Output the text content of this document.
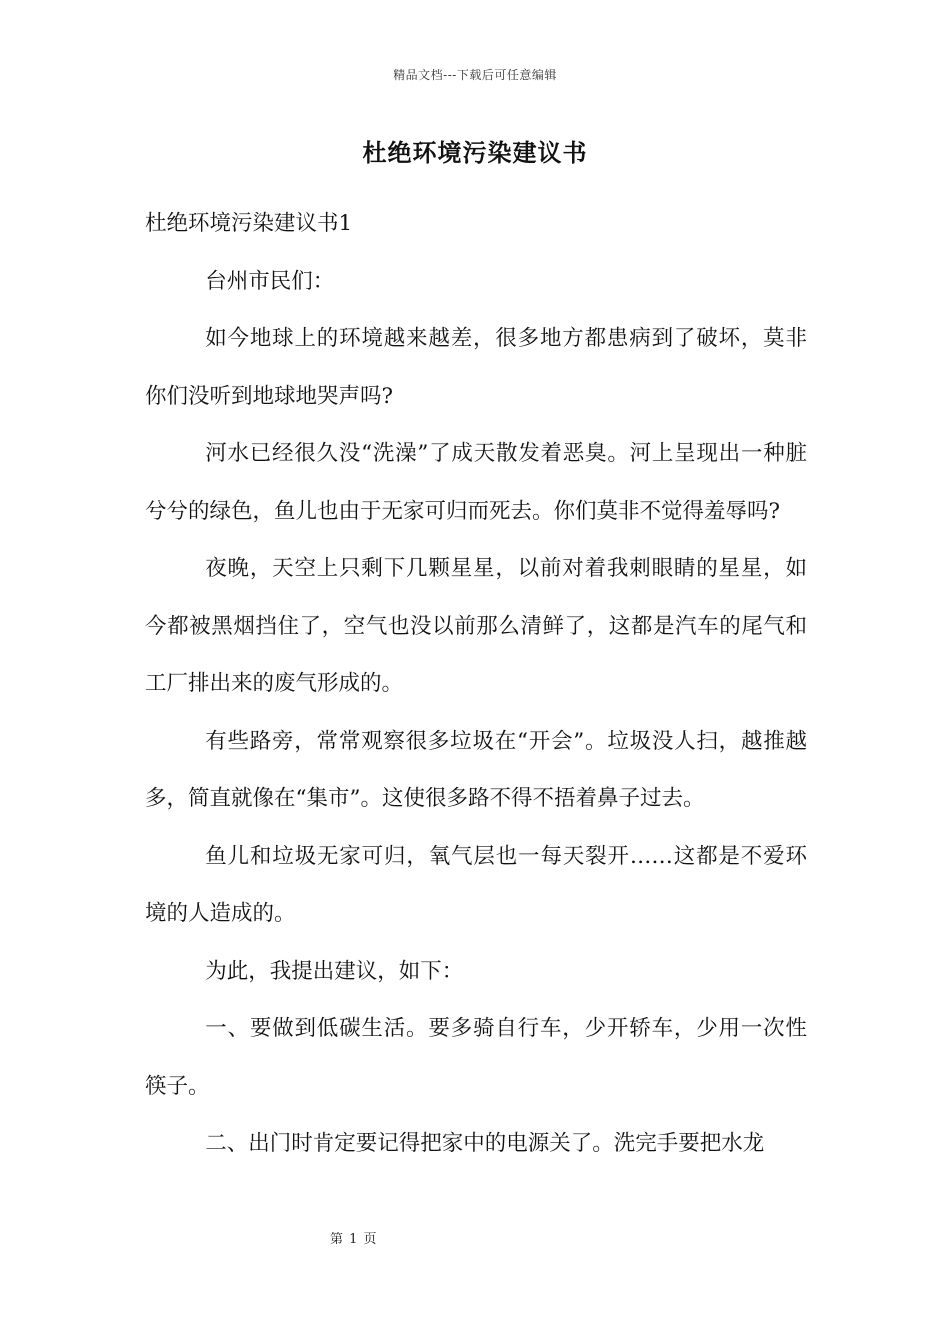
精品文档---下载后可任意编辑
杜绝环境污染建议书

杜绝环境污染建议书1

台州市民们：

如今地球上的环境越来越差，很多地方都患病到了破坏，莫非你们没听到地球地哭声吗?

河水已经很久没“洗澡”了成天散发着恶臭。河上呈现出一种脏兮兮的绿色，鱼儿也由于无家可归而死去。你们莫非不觉得羞辱吗?

夜晚，天空上只剩下几颗星星，以前对着我刺眼睛的星星，如今都被黑烟挡住了，空气也没以前那么清鲜了，这都是汽车的尾气和工厂排出来的废气形成的。

有些路旁，常常观察很多垃圾在“开会”。垃圾没人扫，越推越多，简直就像在“集市”。这使很多路不得不捂着鼻子过去。

鱼儿和垃圾无家可归，氧气层也一每天裂开……这都是不爱环境的人造成的。

为此，我提出建议，如下：

一、要做到低碳生活。要多骑自行车，少开轿车，少用一次性筷子。

二、出门时肯定要记得把家中的电源关了。洗完手要把水龙

第 1 页
